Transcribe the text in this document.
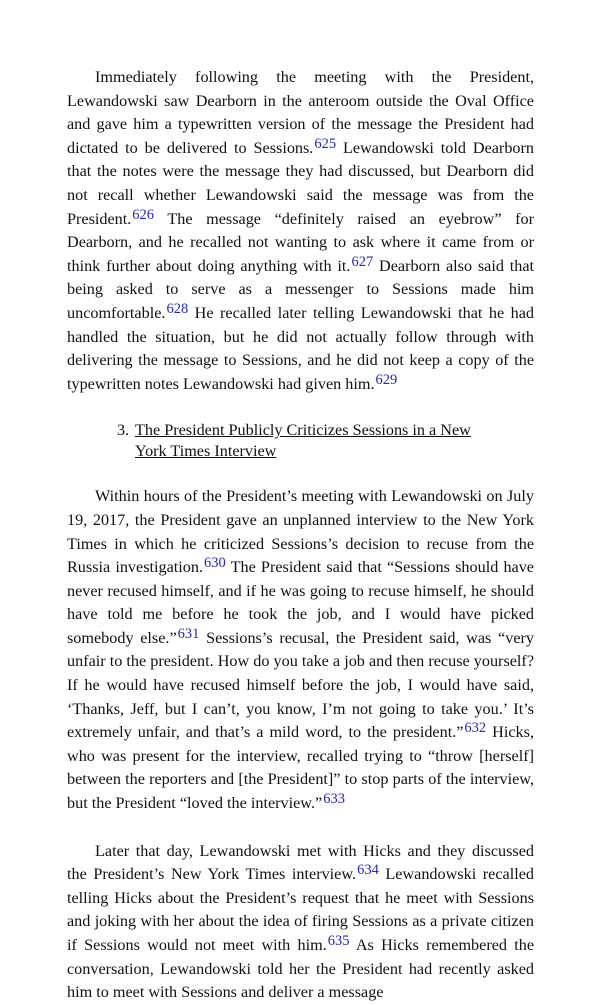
Immediately following the meeting with the President, Lewandowski saw Dearborn in the anteroom outside the Oval Office and gave him a typewritten version of the message the President had dictated to be delivered to Sessions.$^{625}$ Lewandowski told Dearborn that the notes were the message they had discussed, but Dearborn did not recall whether Lewandowski said the message was from the President.$^{626}$ The message “definitely raised an eyebrow” for Dearborn, and he recalled not wanting to ask where it came from or think further about doing anything with it.$^{627}$ Dearborn also said that being asked to serve as a messenger to Sessions made him uncomfortable.$^{628}$ He recalled later telling Lewandowski that he had handled the situation, but he did not actually follow through with delivering the message to Sessions, and he did not keep a copy of the typewritten notes Lewandowski had given him.$^{629}$

3. The President Publicly Criticizes Sessions in a New York Times Interview

Within hours of the President’s meeting with Lewandowski on July 19, 2017, the President gave an unplanned interview to the New York Times in which he criticized Sessions’s decision to recuse from the Russia investigation.$^{630}$ The President said that “Sessions should have never recused himself, and if he was going to recuse himself, he should have told me before he took the job, and I would have picked somebody else.”$^{631}$ Sessions’s recusal, the President said, was “very unfair to the president. How do you take a job and then recuse yourself? If he would have recused himself before the job, I would have said, ‘Thanks, Jeff, but I can’t, you know, I’m not going to take you.’ It’s extremely unfair, and that’s a mild word, to the president.”$^{632}$ Hicks, who was present for the interview, recalled trying to “throw [herself] between the reporters and [the President]” to stop parts of the interview, but the President “loved the interview.”$^{633}$

Later that day, Lewandowski met with Hicks and they discussed the President’s New York Times interview.$^{634}$ Lewandowski recalled telling Hicks about the President’s request that he meet with Sessions and joking with her about the idea of firing Sessions as a private citizen if Sessions would not meet with him.$^{635}$ As Hicks remembered the conversation, Lewandowski told her the President had recently asked him to meet with Sessions and deliver a message
